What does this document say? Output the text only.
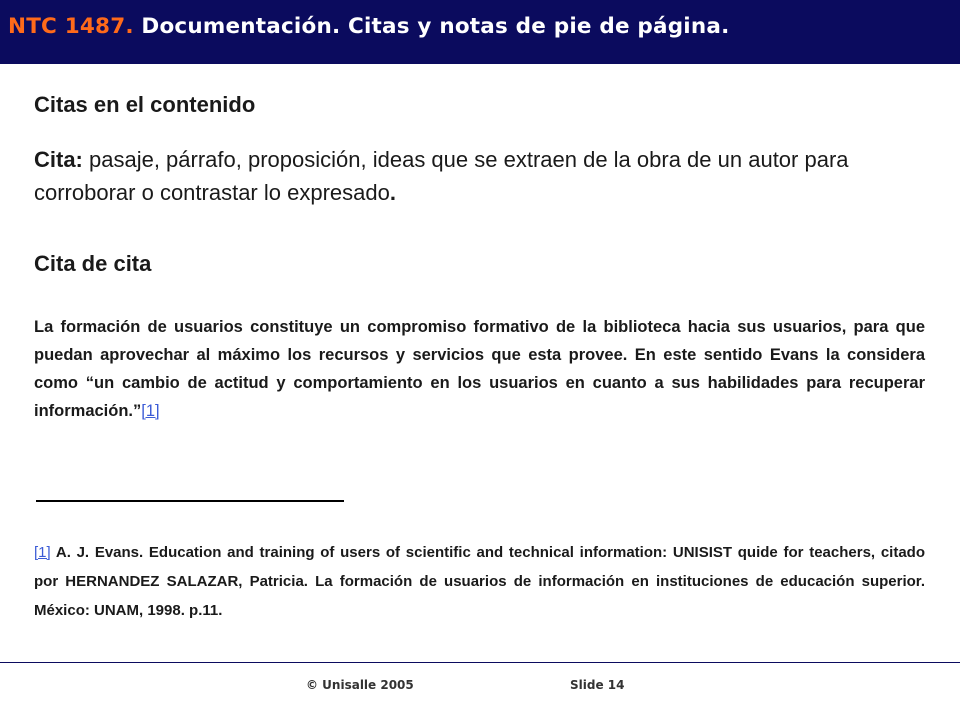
NTC 1487. Documentación. Citas y notas de pie de página.
Citas en el contenido

Cita: pasaje, párrafo, proposición, ideas que se extraen de la obra de un autor para corroborar o contrastar lo expresado.

Cita de cita

La formación de usuarios constituye un compromiso formativo de la biblioteca hacia sus usuarios, para que puedan aprovechar al máximo los recursos y servicios que esta provee. En este sentido Evans la considera como “un cambio de actitud y comportamiento en los usuarios en cuanto a sus habilidades para recuperar información.”[1]

[1] A. J. Evans. Education and training of users of scientific and technical information: UNISIST quide for teachers, citado por HERNANDEZ SALAZAR, Patricia. La formación de usuarios de información en instituciones de educación superior. México: UNAM, 1998. p.11.

© Unisalle 2005	Slide 14
